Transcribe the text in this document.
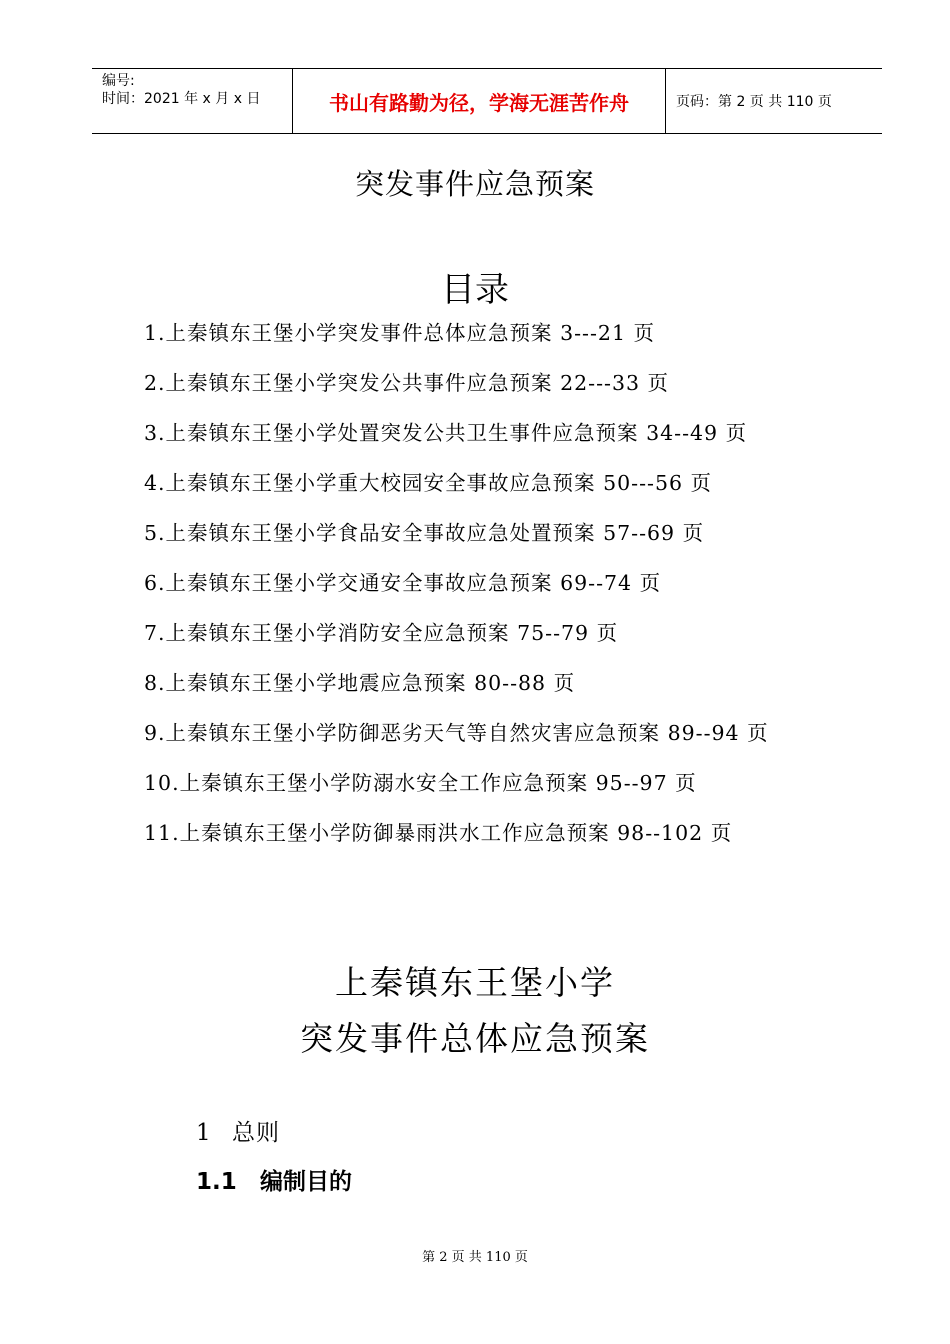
编号:
时间：2021 年 x 月 x 日	书山有路勤为径，学海无涯苦作舟	页码：第 2 页 共 110 页
突发事件应急预案
目录
1.上秦镇东王堡小学突发事件总体应急预案 3---21 页
2.上秦镇东王堡小学突发公共事件应急预案 22---33 页
3.上秦镇东王堡小学处置突发公共卫生事件应急预案 34--49 页
4.上秦镇东王堡小学重大校园安全事故应急预案 50---56 页
5.上秦镇东王堡小学食品安全事故应急处置预案 57--69 页
6.上秦镇东王堡小学交通安全事故应急预案 69--74 页
7.上秦镇东王堡小学消防安全应急预案 75--79 页
8.上秦镇东王堡小学地震应急预案 80--88 页
9.上秦镇东王堡小学防御恶劣天气等自然灾害应急预案 89--94 页
10.上秦镇东王堡小学防溺水安全工作应急预案 95--97 页
11.上秦镇东王堡小学防御暴雨洪水工作应急预案 98--102 页
上秦镇东王堡小学
突发事件总体应急预案
1 总则
1.1 编制目的
第 2 页 共 110 页
